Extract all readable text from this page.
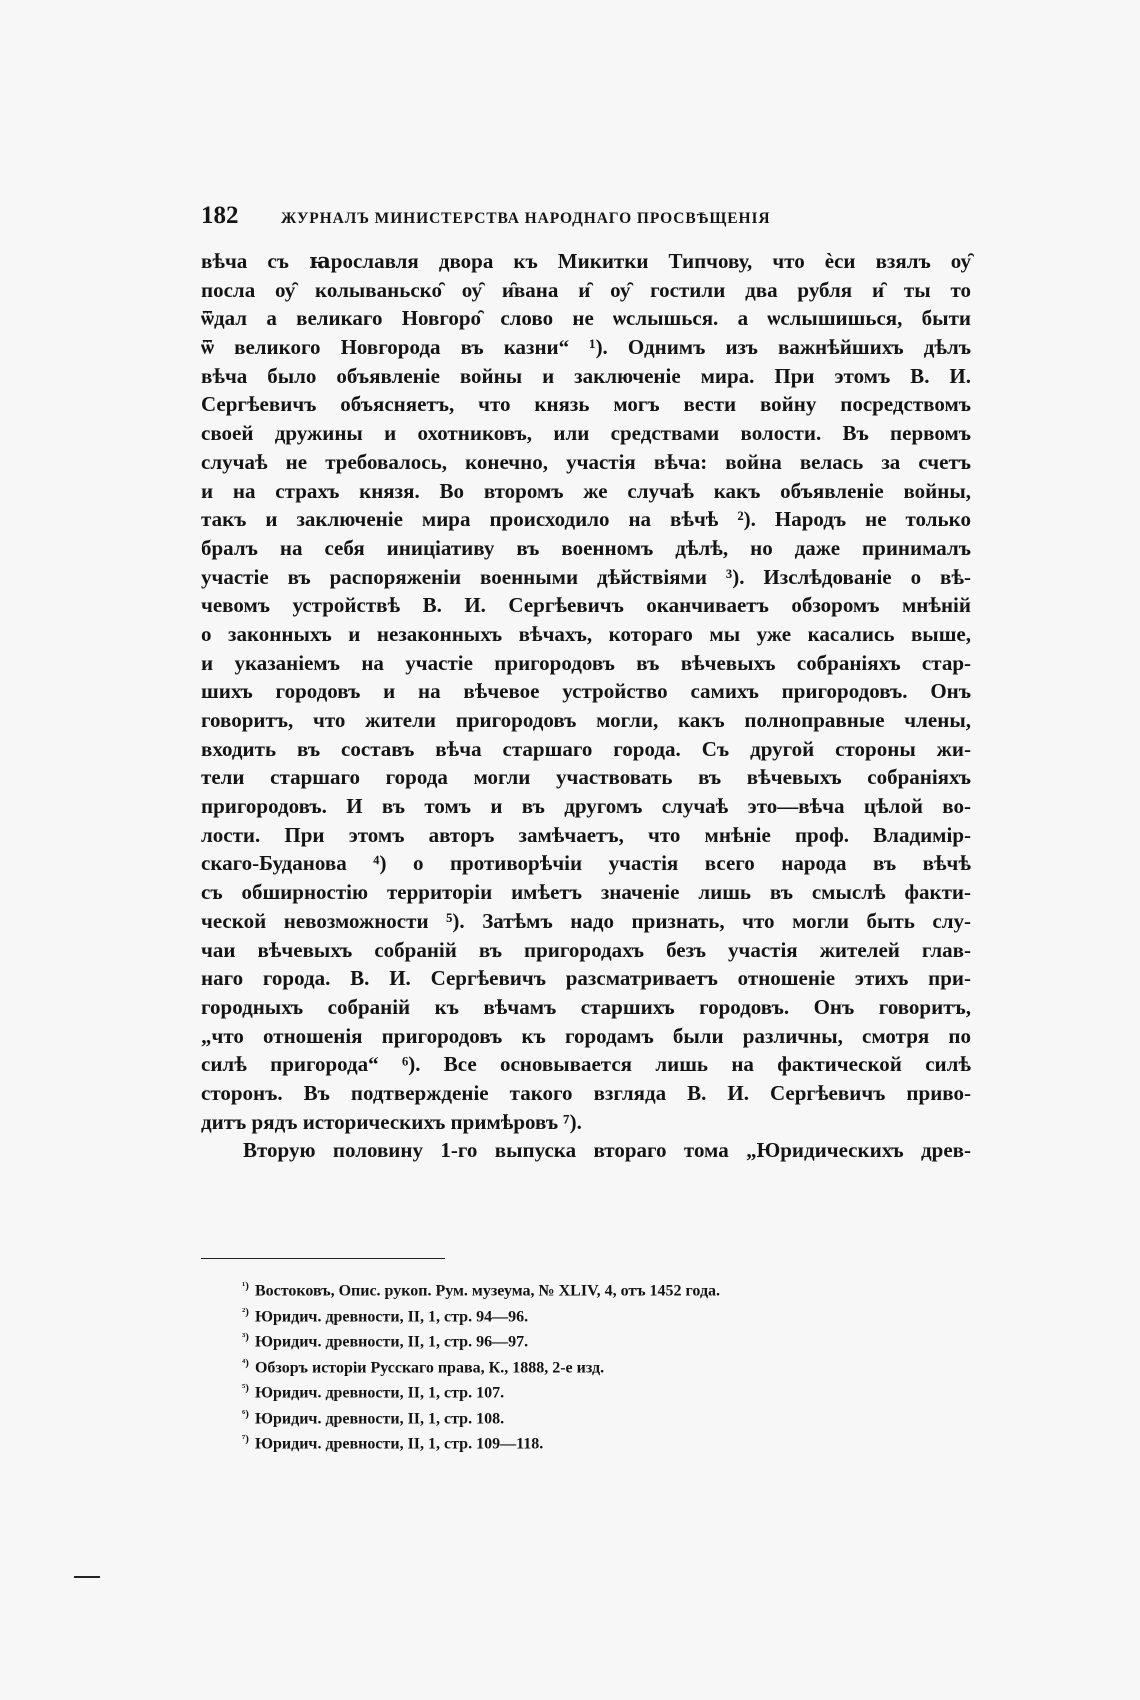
182	ЖУРНАЛЪ МИНИСТЕРСТВА НАРОДНАГО ПРОСВѢЩЕНІЯ
вѣча съ ꙗрославля двора къ Микитки Типчову, что ѐси взялъ оу̑
посла оу̑ колываньско̑ оу̑ и̑вана и̑ оу̑ гостили два рубля и̑ ты то
ѿдал а великаго Новгоро̑ слово не ѡслышься. а ѡслышишься, быти
ѿ великого Новгорода въ казни“ ¹). Однимъ изъ важнѣйшихъ дѣлъ
вѣча было объявленіе войны и заключеніе мира. При этомъ В. И.
Сергѣевичъ объясняетъ, что князь могъ вести войну посредствомъ
своей дружины и охотниковъ, или средствами волости. Въ первомъ
случаѣ не требовалось, конечно, участія вѣча: война велась за счетъ
и на страхъ князя. Во второмъ же случаѣ какъ объявленіе войны,
такъ и заключеніе мира происходило на вѣчѣ ²). Народъ не только
бралъ на себя иниціативу въ военномъ дѣлѣ, но даже принималъ
участіе въ распоряженіи военными дѣйствіями ³). Изслѣдованіе о вѣ-
чевомъ устройствѣ В. И. Сергѣевичъ оканчиваетъ обзоромъ мнѣній
о законныхъ и незаконныхъ вѣчахъ, котораго мы уже касались выше,
и указаніемъ на участіе пригородовъ въ вѣчевыхъ собраніяхъ стар-
шихъ городовъ и на вѣчевое устройство самихъ пригородовъ. Онъ
говоритъ, что жители пригородовъ могли, какъ полноправные члены,
входить въ составъ вѣча старшаго города. Съ другой стороны жи-
тели старшаго города могли участвовать въ вѣчевыхъ собраніяхъ
пригородовъ. И въ томъ и въ другомъ случаѣ это—вѣча цѣлой во-
лости. При этомъ авторъ замѣчаетъ, что мнѣніе проф. Владимір-
скаго-Буданова ⁴) о противорѣчіи участія всего народа въ вѣчѣ
съ обширностію территоріи имѣетъ значеніе лишь въ смыслѣ факти-
ческой невозможности ⁵). Затѣмъ надо признать, что могли быть слу-
чаи вѣчевыхъ собраній въ пригородахъ безъ участія жителей глав-
наго города. В. И. Сергѣевичъ разсматриваетъ отношеніе этихъ при-
городныхъ собраній къ вѣчамъ старшихъ городовъ. Онъ говоритъ,
„что отношенія пригородовъ къ городамъ были различны, смотря по
силѣ пригорода“ ⁶). Все основывается лишь на фактической силѣ
сторонъ. Въ подтвержденіе такого взгляда В. И. Сергѣевичъ приво-
дитъ рядъ историческихъ примѣровъ ⁷).
Вторую половину 1-го выпуска втораго тома „Юридическихъ древ-
$^{^1)}$ Востоковъ, Опис. рукоп. Рум. музеума, № XLIV, 4, отъ 1452 года.
$^{^2)}$ Юридич. древности, II, 1, стр. 94—96.
$^{^3)}$ Юридич. древности, II, 1, стр. 96—97.
$^{^4)}$ Обзоръ исторіи Русскаго права, К., 1888, 2-е изд.
$^{^5)}$ Юридич. древности, II, 1, стр. 107.
$^{^6)}$ Юридич. древности, II, 1, стр. 108.
$^{^7)}$ Юридич. древности, II, 1, стр. 109—118.
